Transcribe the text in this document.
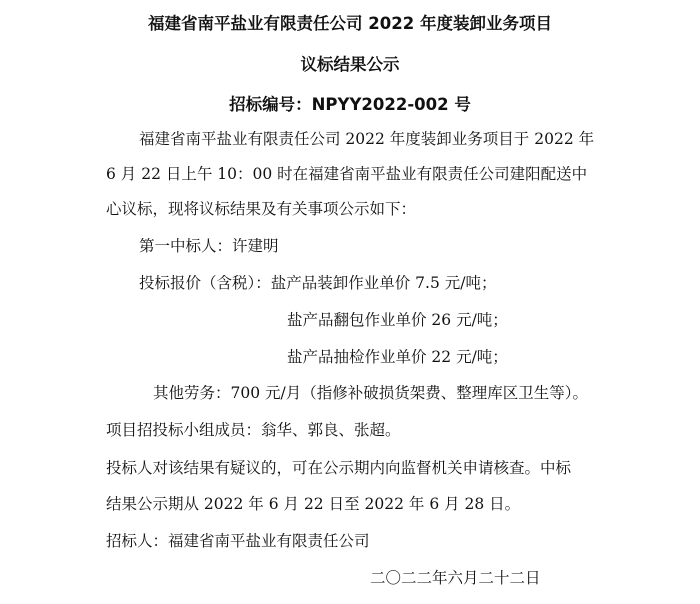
福建省南平盐业有限责任公司 2022 年度装卸业务项目
议标结果公示
招标编号：NPYY2022-002 号
福建省南平盐业有限责任公司 2022 年度装卸业务项目于 2022 年
6 月 22 日上午 10：00 时在福建省南平盐业有限责任公司建阳配送中
心议标，现将议标结果及有关事项公示如下：
第一中标人：许建明
投标报价（含税）：盐产品装卸作业单价 7.5 元/吨；
盐产品翻包作业单价 26 元/吨；
盐产品抽检作业单价 22 元/吨；
其他劳务：700 元/月（指修补破损货架费、整理库区卫生等）。
项目招投标小组成员：翁华、郭良、张超。
投标人对该结果有疑议的，可在公示期内向监督机关申请核查。中标
结果公示期从 2022 年 6 月 22 日至 2022 年 6 月 28 日。
招标人：福建省南平盐业有限责任公司
二〇二二年六月二十二日
